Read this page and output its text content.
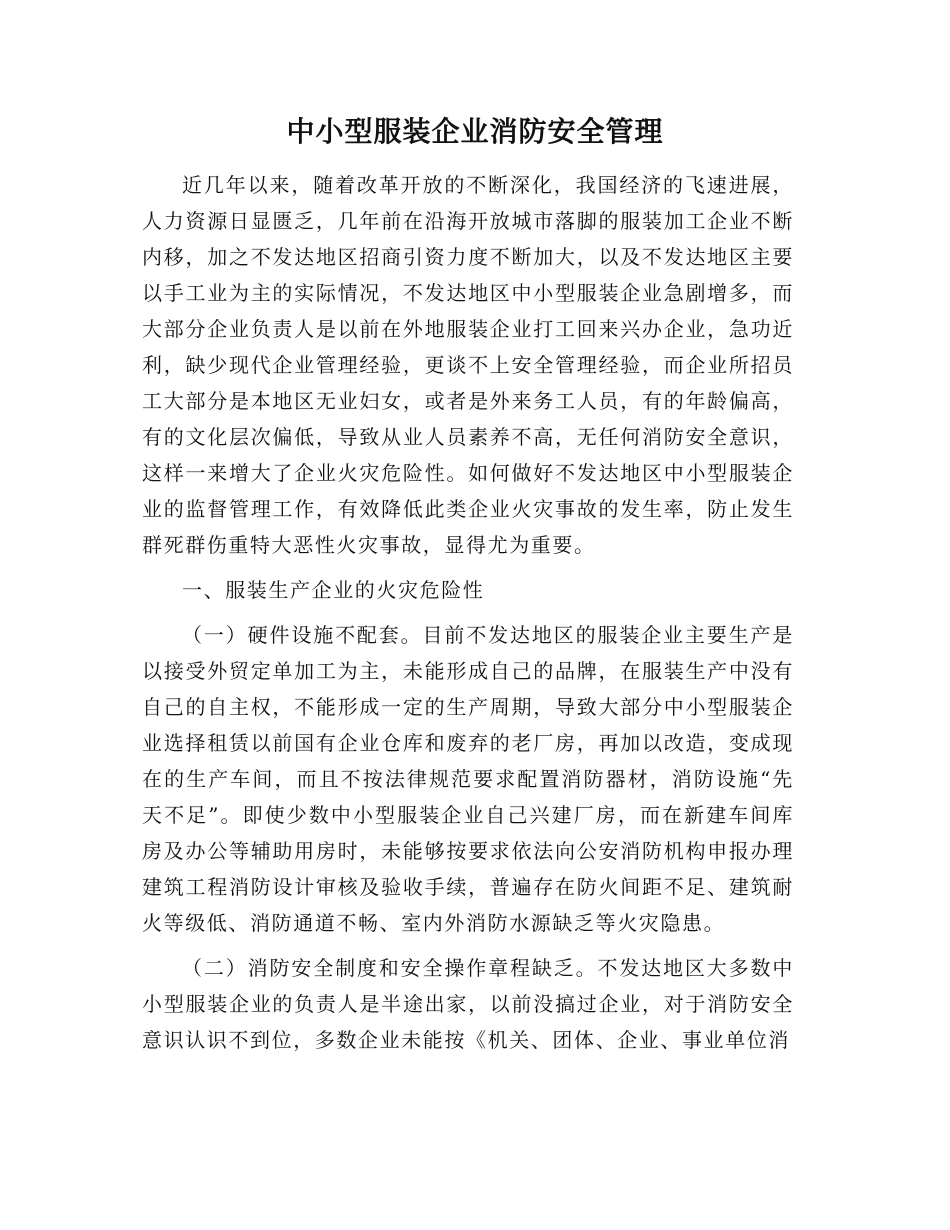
中小型服装企业消防安全管理

近几年以来，随着改革开放的不断深化，我国经济的飞速进展，人力资源日显匮乏，几年前在沿海开放城市落脚的服装加工企业不断内移，加之不发达地区招商引资力度不断加大，以及不发达地区主要以手工业为主的实际情况，不发达地区中小型服装企业急剧增多，而大部分企业负责人是以前在外地服装企业打工回来兴办企业，急功近利，缺少现代企业管理经验，更谈不上安全管理经验，而企业所招员工大部分是本地区无业妇女，或者是外来务工人员，有的年龄偏高，有的文化层次偏低，导致从业人员素养不高，无任何消防安全意识，这样一来增大了企业火灾危险性。如何做好不发达地区中小型服装企业的监督管理工作，有效降低此类企业火灾事故的发生率，防止发生群死群伤重特大恶性火灾事故，显得尤为重要。

一、服装生产企业的火灾危险性

（一）硬件设施不配套。目前不发达地区的服装企业主要生产是以接受外贸定单加工为主，未能形成自己的品牌，在服装生产中没有自己的自主权，不能形成一定的生产周期，导致大部分中小型服装企业选择租赁以前国有企业仓库和废弃的老厂房，再加以改造，变成现在的生产车间，而且不按法律规范要求配置消防器材，消防设施“先天不足”。即使少数中小型服装企业自己兴建厂房，而在新建车间库房及办公等辅助用房时，未能够按要求依法向公安消防机构申报办理建筑工程消防设计审核及验收手续，普遍存在防火间距不足、建筑耐火等级低、消防通道不畅、室内外消防水源缺乏等火灾隐患。

（二）消防安全制度和安全操作章程缺乏。不发达地区大多数中小型服装企业的负责人是半途出家，以前没搞过企业，对于消防安全意识认识不到位，多数企业未能按《机关、团体、企业、事业单位消
